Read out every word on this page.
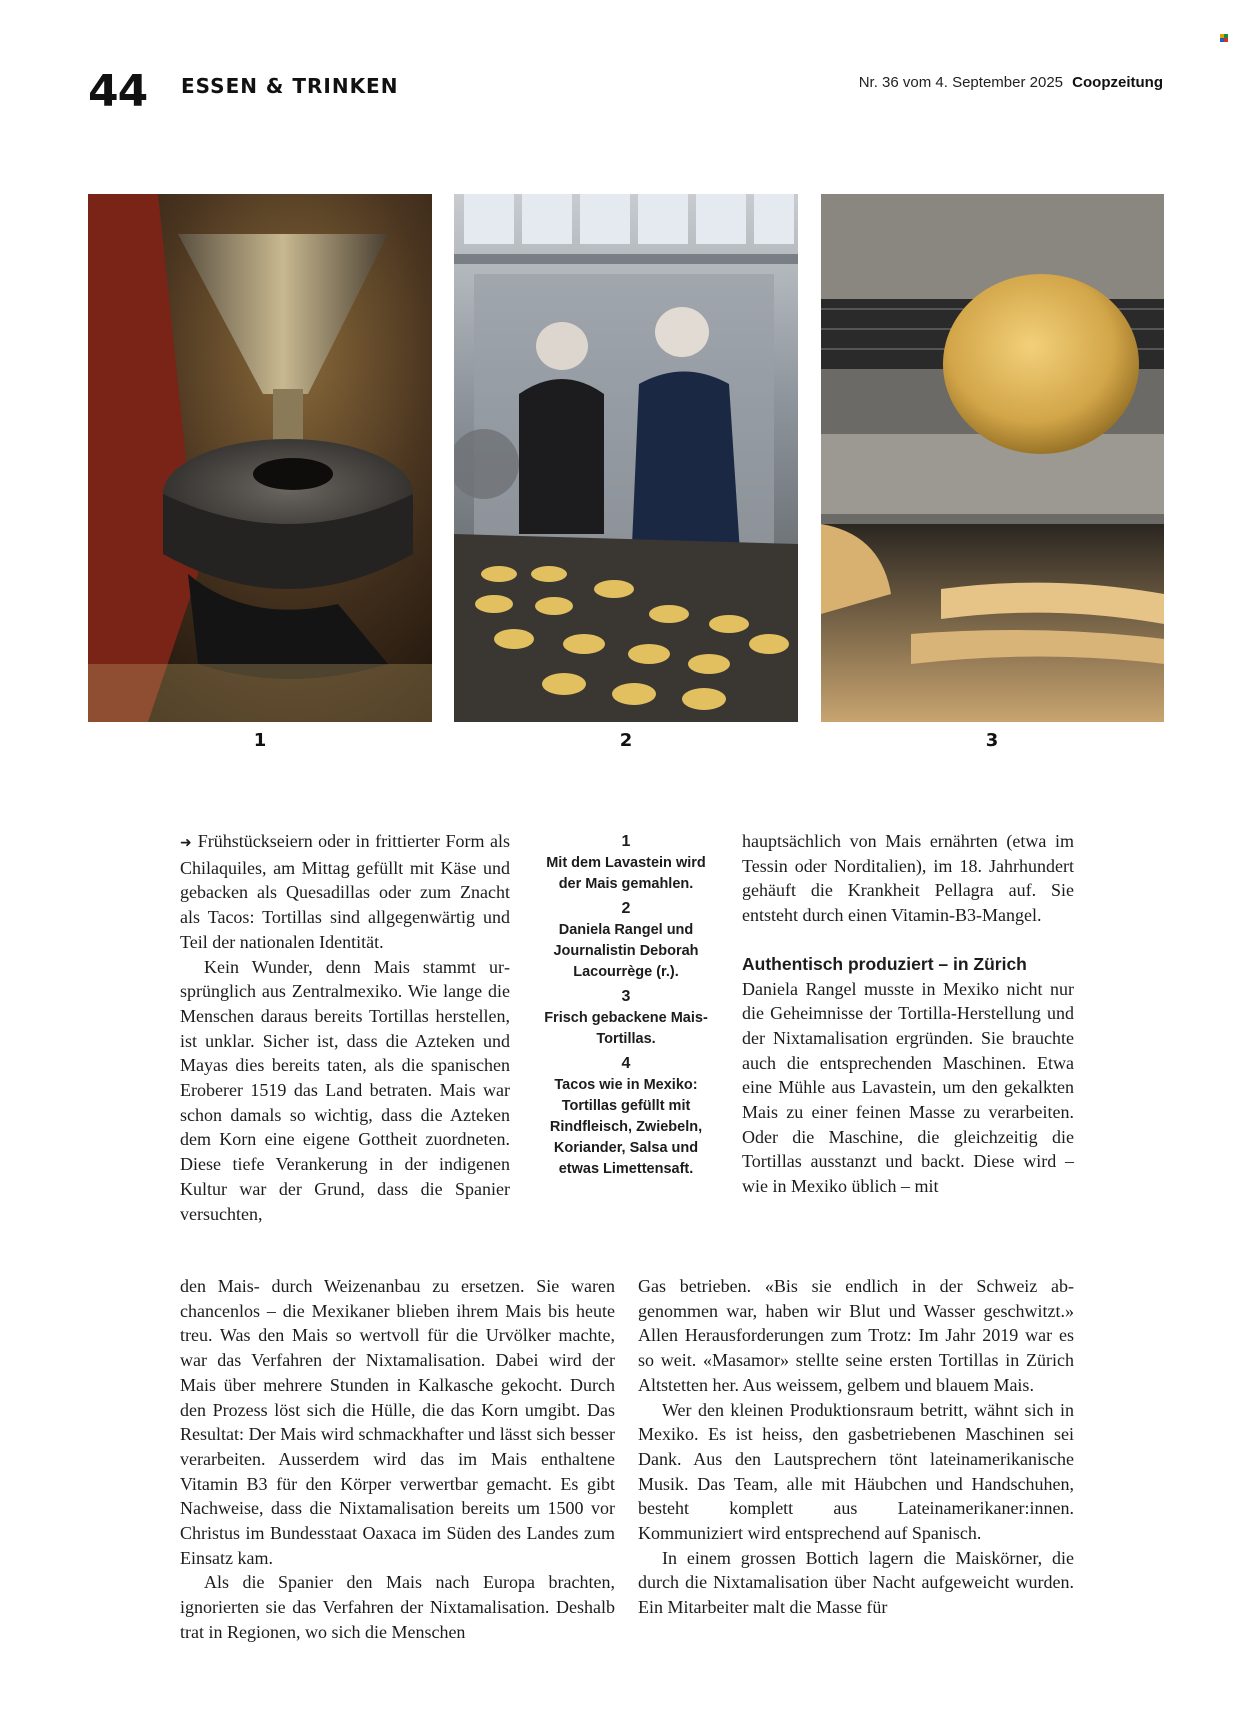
44 ESSEN & TRINKEN	Nr. 36 vom 4. September 2025 Coopzeitung
1	2	3

➜ Frühstückseiern oder in frittierter Form als Chilaquiles, am Mittag gefüllt mit Käse und gebacken als Quesadillas oder zum Znacht als Tacos: Tortillas sind allgegenwärtig und Teil der nationalen Identität.

Kein Wunder, denn Mais stammt ursprünglich aus Zentralmexiko. Wie lange die Menschen daraus bereits Tortillas herstellen, ist unklar. Sicher ist, dass die Azteken und Mayas dies bereits taten, als die spanischen Eroberer 1519 das Land betraten. Mais war schon damals so wichtig, dass die Azteken dem Korn eine eigene Gottheit zuordneten. Diese tiefe Verankerung in der indigenen Kultur war der Grund, dass die Spanier versuchten,

den Mais- durch Weizenanbau zu ersetzen. Sie waren chancenlos – die Mexikaner blieben ihrem Mais bis heute treu. Was den Mais so wertvoll für die Urvölker machte, war das Verfahren der Nixtamalisation. Dabei wird der Mais über mehrere Stunden in Kalkasche gekocht. Durch den Prozess löst sich die Hülle, die das Korn umgibt. Das Resultat: Der Mais wird schmackhafter und lässt sich besser verarbeiten. Ausserdem wird das im Mais enthaltene Vitamin B3 für den Körper verwertbar gemacht. Es gibt Nachweise, dass die Nixtamalisation bereits um 1500 vor Christus im Bundesstaat Oaxaca im Süden des Landes zum Einsatz kam.

Als die Spanier den Mais nach Europa brachten, ignorierten sie das Verfahren der Nixtamalisation. Deshalb trat in Regionen, wo sich die Menschen

1
Mit dem Lavastein wird der Mais gemahlen.
2
Daniela Rangel und Journalistin Deborah Lacourrège (r.).
3
Frisch gebackene Mais-Tortillas.
4
Tacos wie in Mexiko: Tortillas gefüllt mit Rindfleisch, Zwiebeln, Koriander, Salsa und etwas Limettensaft.

hauptsächlich von Mais ernährten (etwa im Tessin oder Norditalien), im 18. Jahrhundert gehäuft die Krankheit Pellagra auf. Sie entsteht durch einen Vitamin-B3-Mangel.

Authentisch produziert – in Zürich

Daniela Rangel musste in Mexiko nicht nur die Geheimnisse der Tortilla-Herstellung und der Nixtamalisation ergründen. Sie brauchte auch die entsprechenden Maschinen. Etwa eine Mühle aus Lavastein, um den gekalkten Mais zu einer feinen Masse zu verarbeiten. Oder die Maschine, die gleichzeitig die Tortillas ausstanzt und backt. Diese wird – wie in Mexiko üblich – mit

Gas betrieben. «Bis sie endlich in der Schweiz abgenommen war, haben wir Blut und Wasser geschwitzt.» Allen Herausforderungen zum Trotz: Im Jahr 2019 war es so weit. «Masamor» stellte seine ersten Tortillas in Zürich Altstetten her. Aus weissem, gelbem und blauem Mais.

Wer den kleinen Produktionsraum betritt, wähnt sich in Mexiko. Es ist heiss, den gasbetriebenen Maschinen sei Dank. Aus den Lautsprechern tönt lateinamerikanische Musik. Das Team, alle mit Häubchen und Handschuhen, besteht komplett aus Lateinamerikaner:innen. Kommuniziert wird entsprechend auf Spanisch.

In einem grossen Bottich lagern die Maiskörner, die durch die Nixtamalisation über Nacht aufgeweicht wurden. Ein Mitarbeiter malt die Masse für
